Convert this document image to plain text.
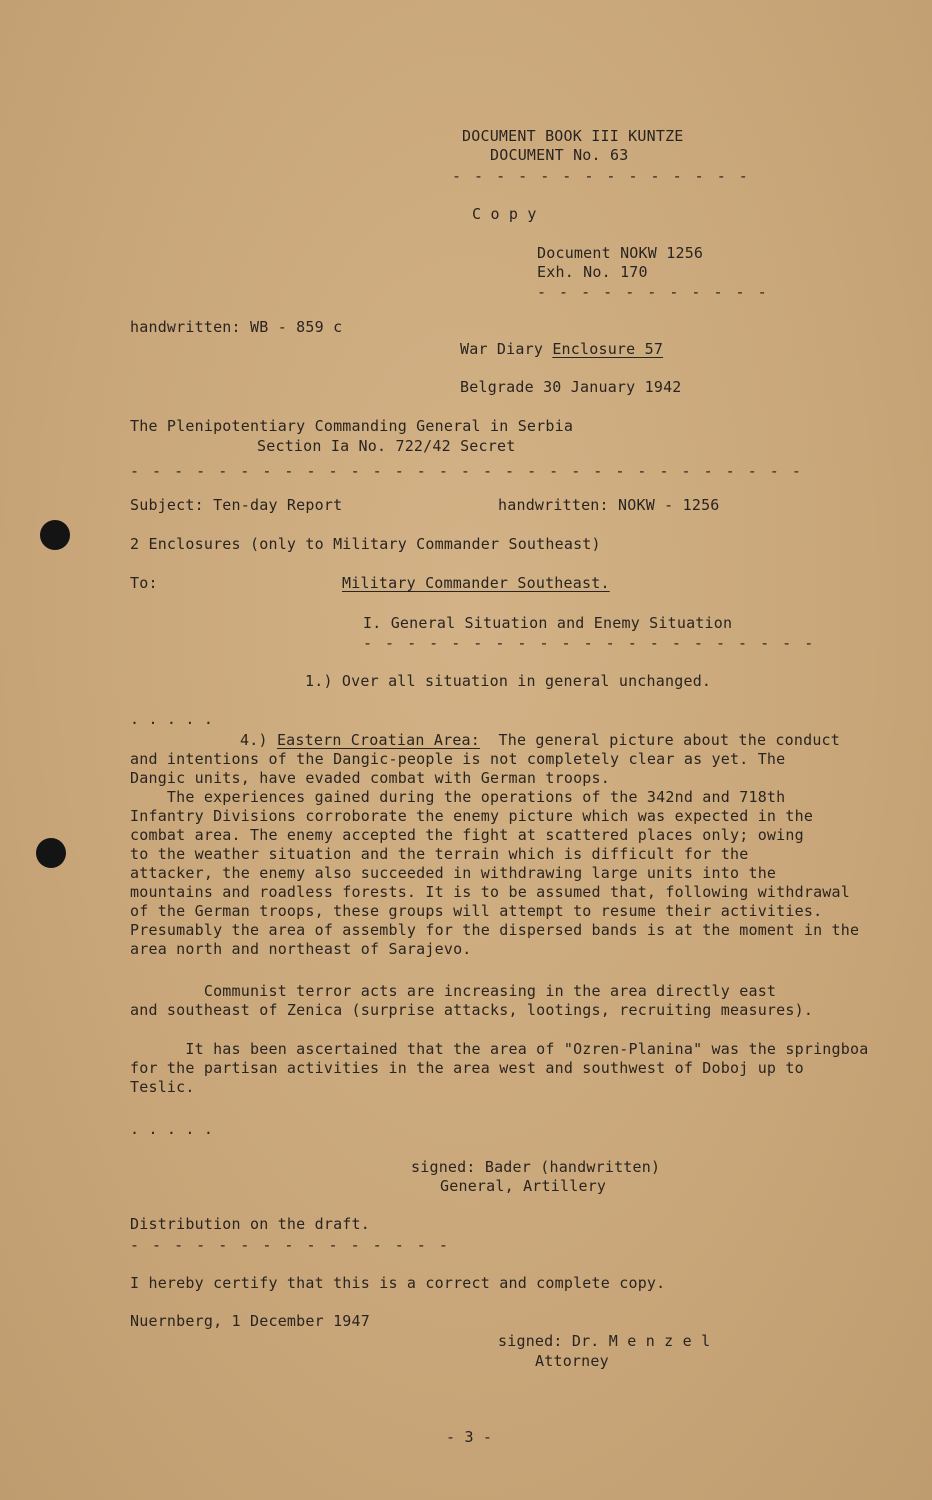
DOCUMENT BOOK III KUNTZE
DOCUMENT No. 63
- - - - - - - - - - - - - -
C o p y
Document NOKW 1256
Exh. No. 170
- - - - - - - - - - -
handwritten: WB - 859 c
War Diary Enclosure 57
Belgrade 30 January 1942
The Plenipotentiary Commanding General in Serbia
Section Ia No. 722/42 Secret
- - - - - - - - - - - - - - - - - - - - - - - - - - - - - - -
Subject: Ten-day Report	handwritten: NOKW - 1256
2 Enclosures (only to Military Commander Southeast)
To:	Military Commander Southeast.
I. General Situation and Enemy Situation
- - - - - - - - - - - - - - - - - - - - -
1.) Over all situation in general unchanged.
. . . . .
4.) Eastern Croatian Area: The general picture about the conduct
and intentions of the Dangic-people is not completely clear as yet. The
Dangic units, have evaded combat with German troops.
The experiences gained during the operations of the 342nd and 718th
Infantry Divisions corroborate the enemy picture which was expected in the
combat area. The enemy accepted the fight at scattered places only; owing
to the weather situation and the terrain which is difficult for the
attacker, the enemy also succeeded in withdrawing large units into the
mountains and roadless forests. It is to be assumed that, following withdrawal
of the German troops, these groups will attempt to resume their activities.
Presumably the area of assembly for the dispersed bands is at the moment in the
area north and northeast of Sarajevo.
Communist terror acts are increasing in the area directly east
and southeast of Zenica (surprise attacks, lootings, recruiting measures).
It has been ascertained that the area of "Ozren-Planina" was the springboa
for the partisan activities in the area west and southwest of Doboj up to
Teslic.
. . . . .
signed: Bader (handwritten)
General, Artillery
Distribution on the draft.
- - - - - - - - - - - - - - -
I hereby certify that this is a correct and complete copy.
Nuernberg, 1 December 1947
signed: Dr. M e n z e l
Attorney
- 3 -
